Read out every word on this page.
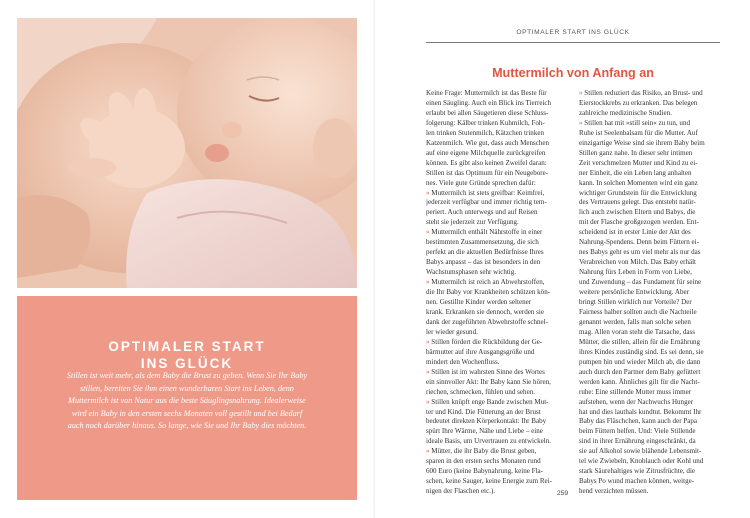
OPTIMALER START
INS GLÜCK
Stillen ist weit mehr, als dem Baby die Brust zu geben. Wenn Sie Ihr Baby
stillen, bereiten Sie ihm einen wunderbaren Start ins Leben, denn
Muttermilch ist von Natur aus die beste Säuglingsnahrung. Idealerweise
wird ein Baby in den ersten sechs Monaten voll gestillt und bei Bedarf
auch noch darüber hinaus. So lange, wie Sie und Ihr Baby dies möchten.
OPTIMALER START INS GLÜCK
Muttermilch von Anfang an
Keine Frage: Muttermilch ist das Beste für
einen Säugling. Auch ein Blick ins Tierreich
erlaubt bei allen Säugetieren diese Schluss-
folgerung: Kälber trinken Kuhmilch, Foh-
len trinken Stutenmilch, Kätzchen trinken
Katzenmilch. Wie gut, dass auch Menschen
auf eine eigene Milchquelle zurückgreifen
können. Es gibt also keinen Zweifel daran:
Stillen ist das Optimum für ein Neugebore-
nes. Viele gute Gründe sprechen dafür:
» Muttermilch ist stets greifbar: Keimfrei,
jederzeit verfügbar und immer richtig tem-
periert. Auch unterwegs und auf Reisen
steht sie jederzeit zur Verfügung.
» Muttermilch enthält Nährstoffe in einer
bestimmten Zusammensetzung, die sich
perfekt an die aktuellen Bedürfnisse Ihres
Babys anpasst – das ist besonders in den
Wachstumsphasen sehr wichtig.
» Muttermilch ist reich an Abwehrstoffen,
die Ihr Baby vor Krankheiten schützen kön-
nen. Gestillte Kinder werden seltener
krank. Erkranken sie dennoch, werden sie
dank der zugeführten Abwehrstoffe schnel-
ler wieder gesund.
» Stillen fördert die Rückbildung der Ge-
bärmutter auf ihre Ausgangsgröße und
mindert den Wochenfluss.
» Stillen ist im wahrsten Sinne des Wortes
ein sinnvoller Akt: Ihr Baby kann Sie hören,
riechen, schmecken, fühlen und sehen.
» Stillen knüpft enge Bande zwischen Mut-
ter und Kind. Die Fütterung an der Brust
bedeutet direkten Körperkontakt: Ihr Baby
spürt Ihre Wärme, Nähe und Liebe – eine
ideale Basis, um Urvertrauen zu entwickeln.
» Mütter, die ihr Baby die Brust geben,
sparen in den ersten sechs Monaten rund
600 Euro (keine Babynahrung, keine Fla-
schen, keine Sauger, keine Energie zum Rei-
nigen der Flaschen etc.).
» Stillen reduziert das Risiko, an Brust- und
Eierstockkrebs zu erkranken. Das belegen
zahlreiche medizinische Studien.
» Stillen hat mit »still sein« zu tun, und
Ruhe ist Seelenbalsam für die Mutter. Auf
einzigartige Weise sind sie ihrem Baby beim
Stillen ganz nahe. In dieser sehr intimen
Zeit verschmelzen Mutter und Kind zu ei-
ner Einheit, die ein Leben lang anhalten
kann. In solchen Momenten wird ein ganz
wichtiger Grundstein für die Entwicklung
des Vertrauens gelegt. Das entsteht natür-
lich auch zwischen Eltern und Babys, die
mit der Flasche großgezogen werden. Ent-
scheidend ist in erster Linie der Akt des
Nahrung-Spendens. Denn beim Füttern ei-
nes Babys geht es um viel mehr als nur das
Verabreichen von Milch. Das Baby erhält
Nahrung fürs Leben in Form von Liebe,
und Zuwendung – das Fundament für seine
weitere persönliche Entwicklung. Aber
bringt Stillen wirklich nur Vorteile? Der
Fairness halber sollten auch die Nachteile
genannt werden, falls man solche sehen
mag. Allen voran steht die Tatsache, dass
Mütter, die stillen, allein für die Ernährung
ihres Kindes zuständig sind. Es sei denn, sie
pumpen hin und wieder Milch ab, die dann
auch durch den Partner dem Baby gefüttert
werden kann. Ähnliches gilt für die Nacht-
ruhe: Eine stillende Mutter muss immer
aufstehen, wenn der Nachwuchs Hunger
hat und dies lauthals kundtut. Bekommt Ihr
Baby das Fläschchen, kann auch der Papa
beim Füttern helfen. Und: Viele Stillende
sind in ihrer Ernährung eingeschränkt, da
sie auf Alkohol sowie blähende Lebensmit-
tel wie Zwiebeln, Knoblauch oder Kohl und
stark Säurehaltiges wie Zitrusfrüchte, die
Babys Po wund machen können, weitge-
hend verzichten müssen.
259
